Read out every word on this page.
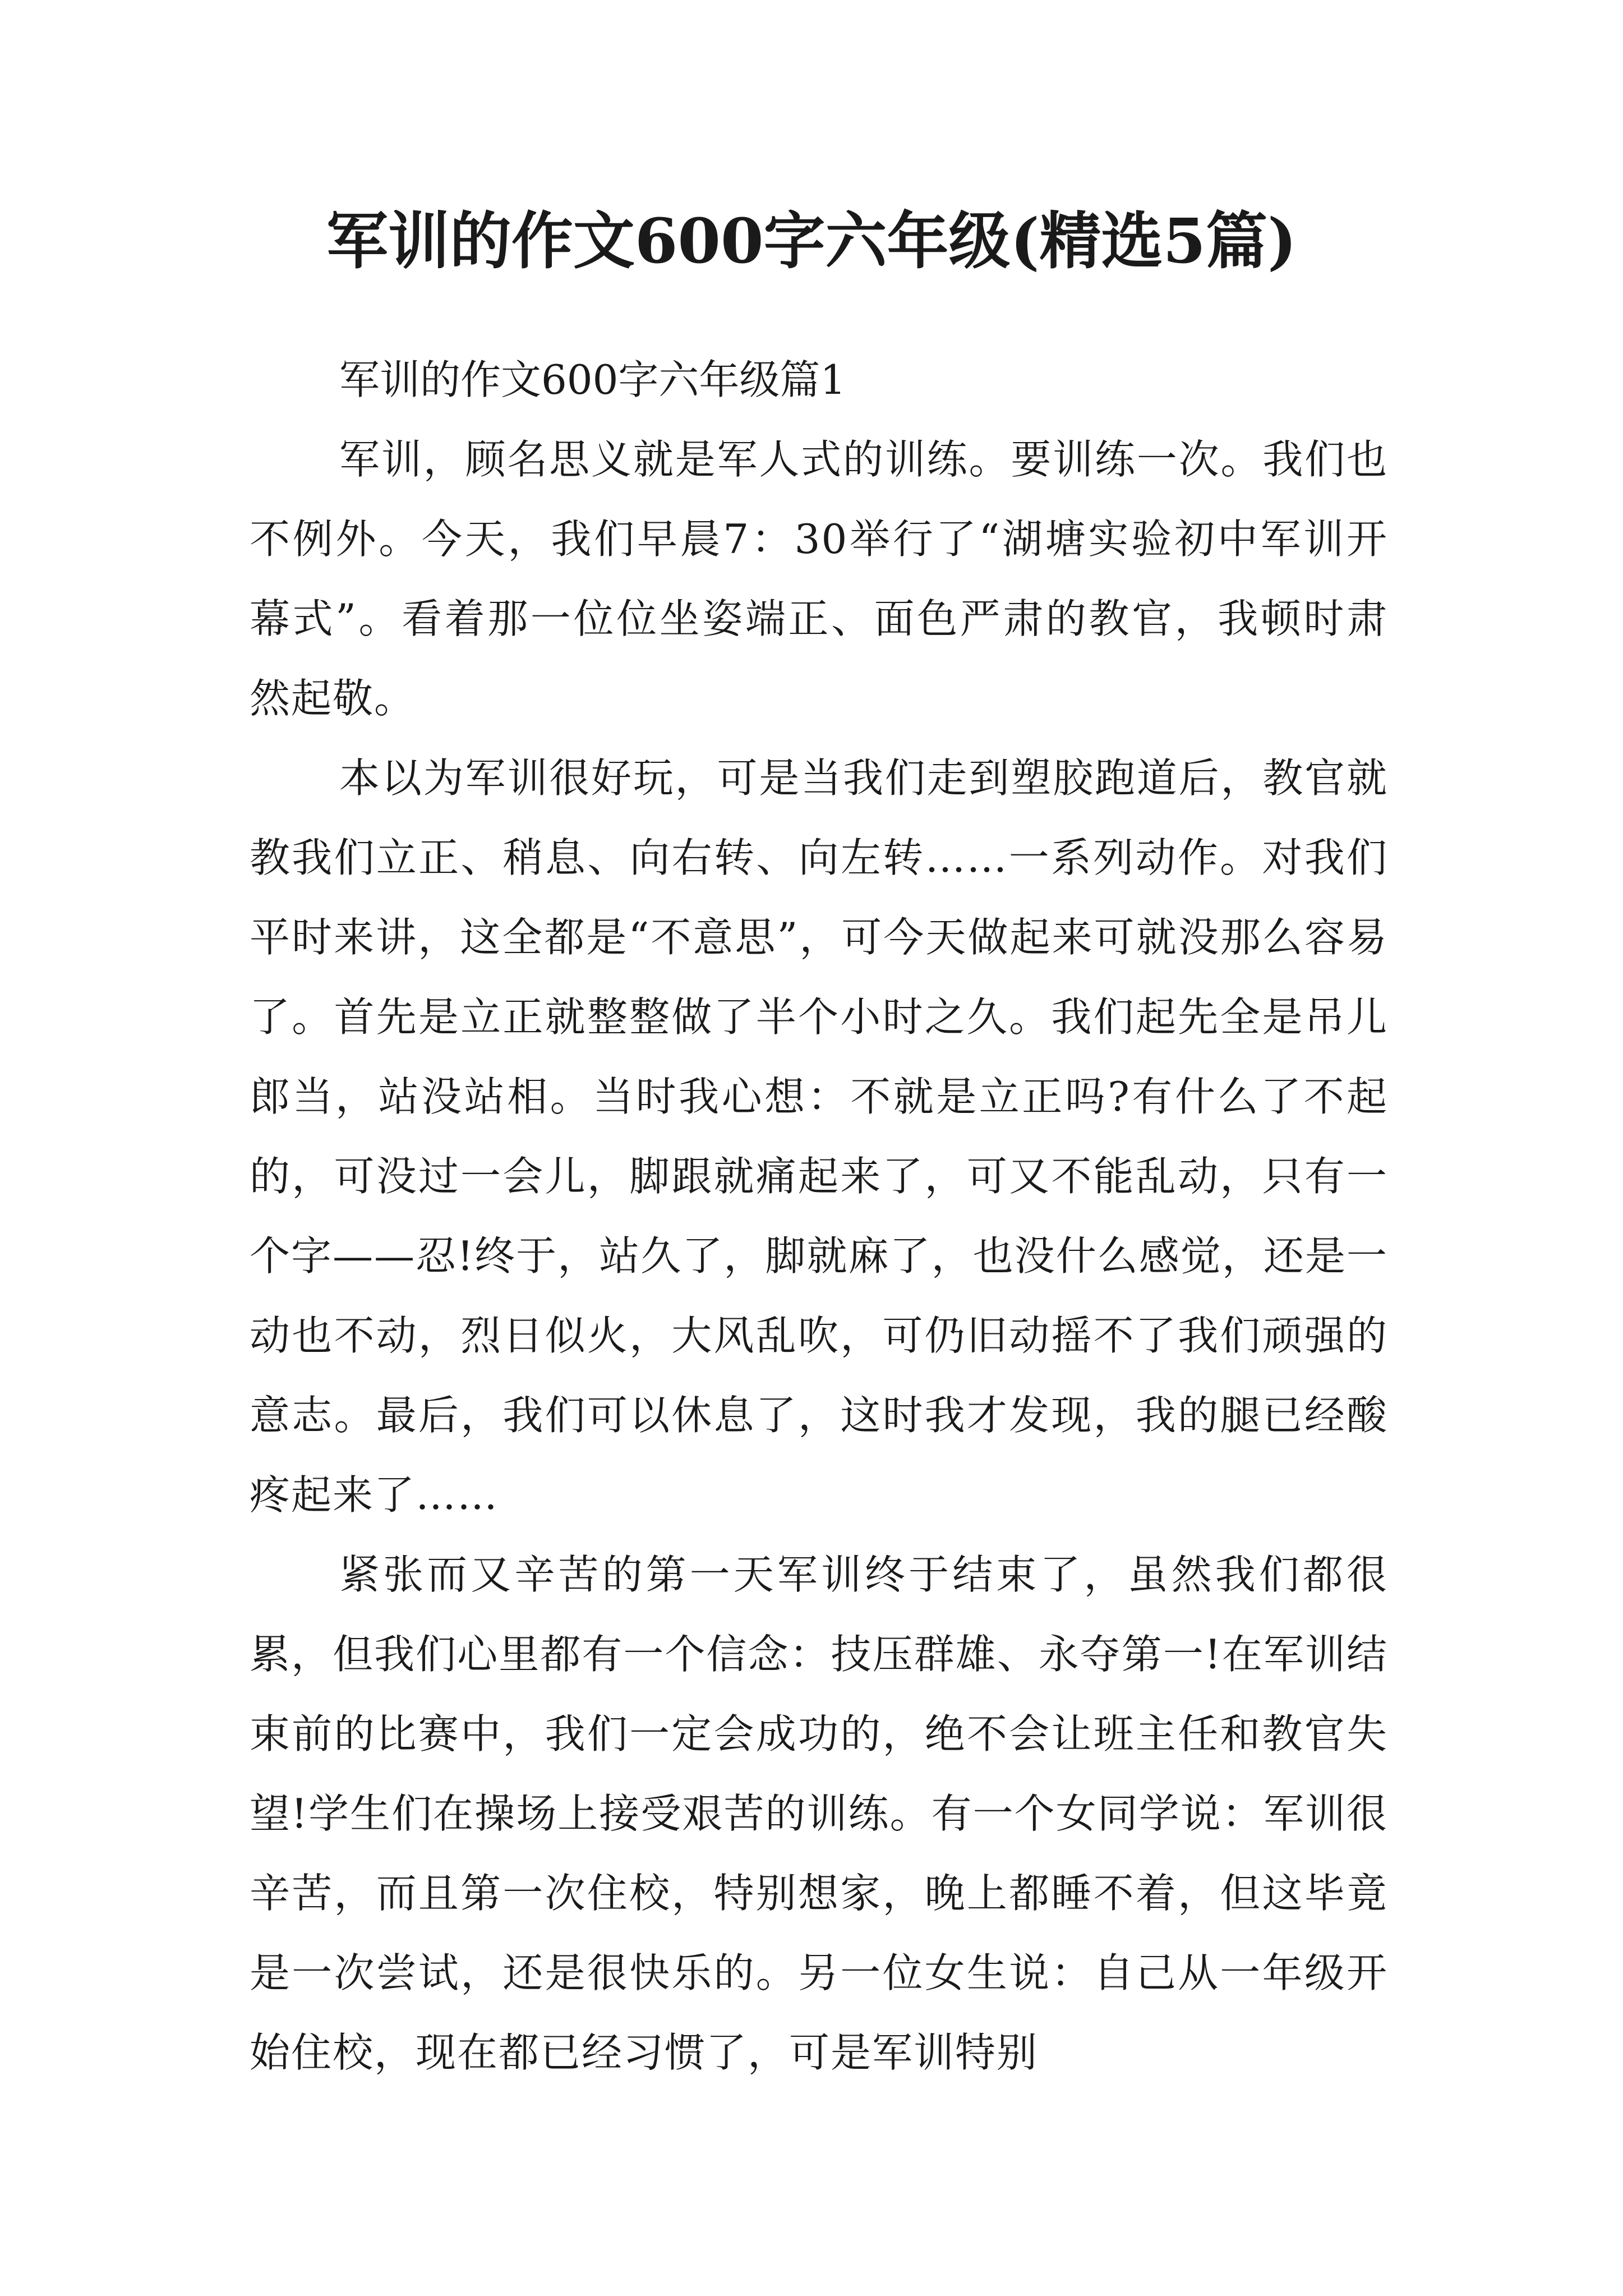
军训的作文600字六年级(精选5篇)
军训的作文600字六年级篇1

军训，顾名思义就是军人式的训练。要训练一次。我们也不例外。今天，我们早晨7：30举行了“湖塘实验初中军训开幕式”。看着那一位位坐姿端正、面色严肃的教官，我顿时肃然起敬。

本以为军训很好玩，可是当我们走到塑胶跑道后，教官就教我们立正、稍息、向右转、向左转……一系列动作。对我们平时来讲，这全都是“不意思”，可今天做起来可就没那么容易了。首先是立正就整整做了半个小时之久。我们起先全是吊儿郎当，站没站相。当时我心想：不就是立正吗?有什么了不起的，可没过一会儿，脚跟就痛起来了，可又不能乱动，只有一个字——忍!终于，站久了，脚就麻了，也没什么感觉，还是一动也不动，烈日似火，大风乱吹，可仍旧动摇不了我们顽强的意志。最后，我们可以休息了，这时我才发现，我的腿已经酸疼起来了……

紧张而又辛苦的第一天军训终于结束了，虽然我们都很累，但我们心里都有一个信念：技压群雄、永夺第一!在军训结束前的比赛中，我们一定会成功的，绝不会让班主任和教官失望!学生们在操场上接受艰苦的训练。有一个女同学说：军训很辛苦，而且第一次住校，特别想家，晚上都睡不着，但这毕竟是一次尝试，还是很快乐的。另一位女生说：自己从一年级开始住校，现在都已经习惯了，可是军训特别
